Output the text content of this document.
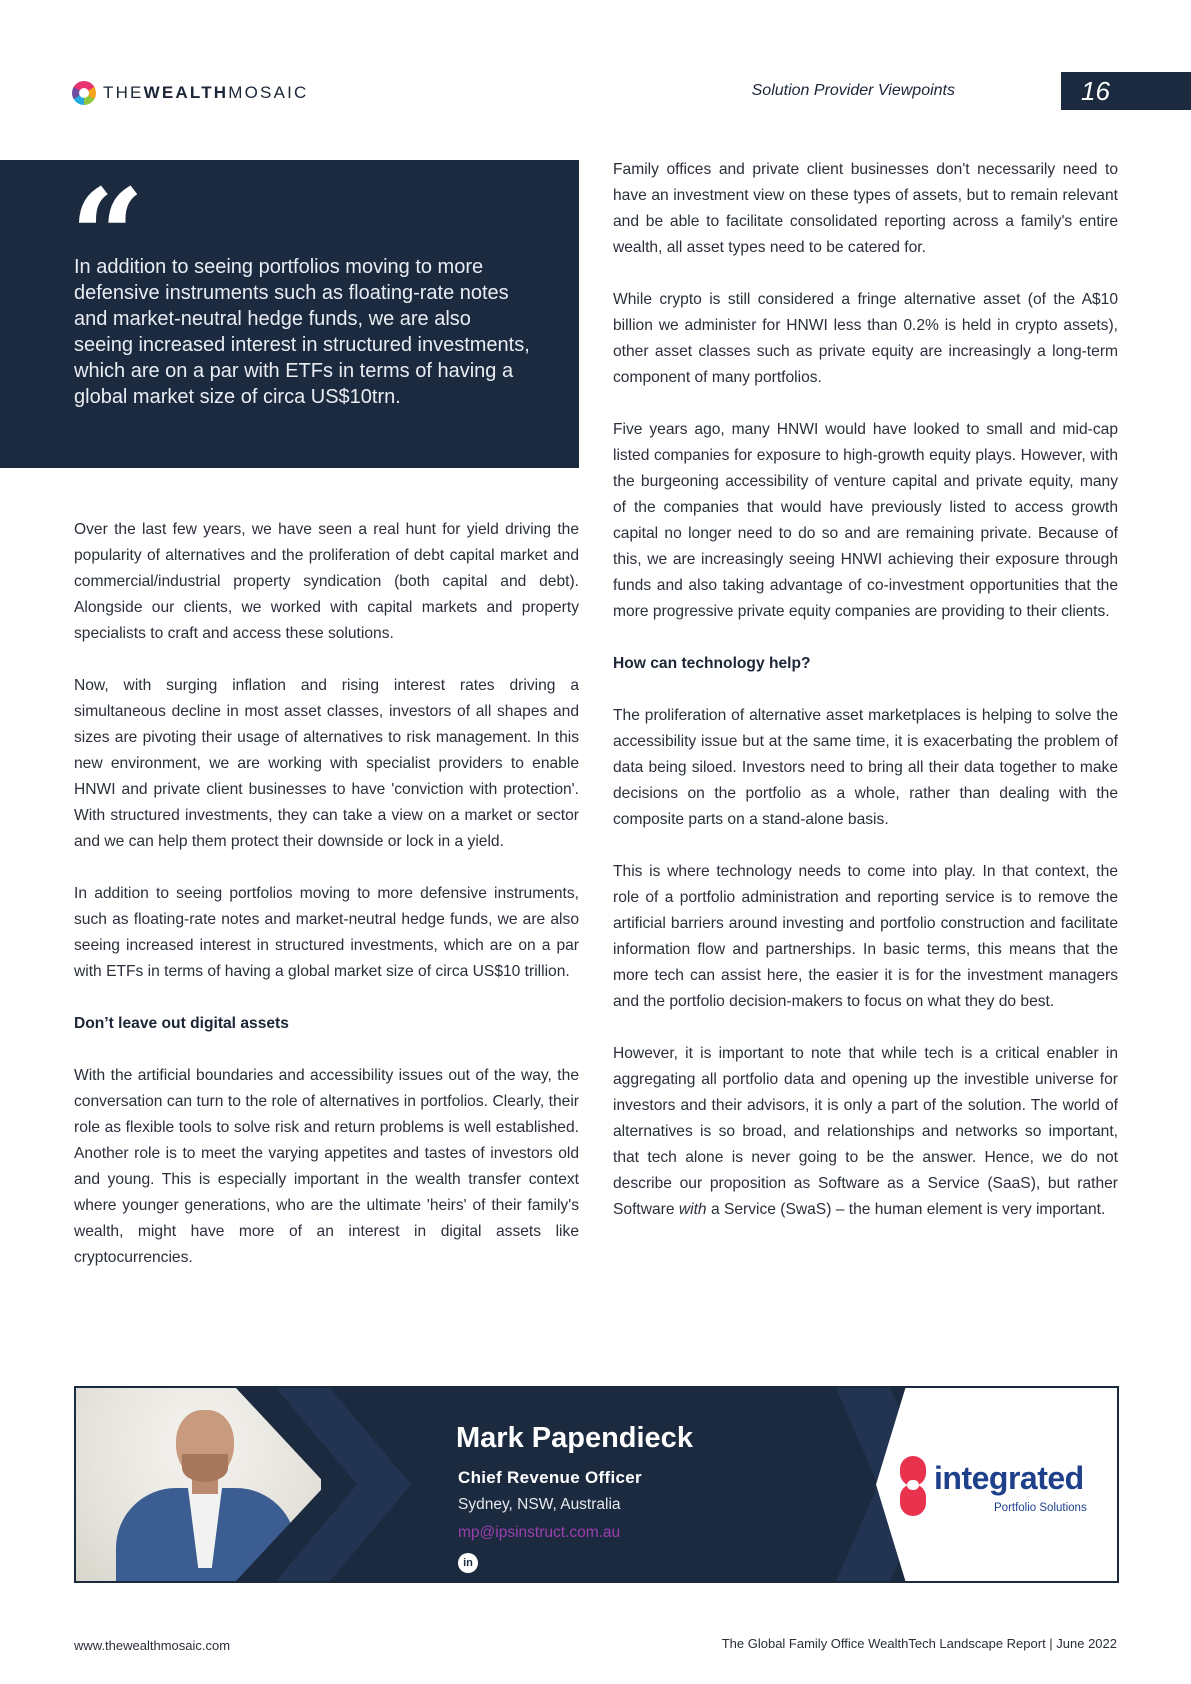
THEWEALTHMOSAIC	Solution Provider Viewpoints	16
“
In addition to seeing portfolios moving to more defensive instruments such as floating-rate notes and market-neutral hedge funds, we are also seeing increased interest in structured investments, which are on a par with ETFs in terms of having a global market size of circa US$10trn.

Over the last few years, we have seen a real hunt for yield driving the popularity of alternatives and the proliferation of debt capital market and commercial/industrial property syndication (both capital and debt). Alongside our clients, we worked with capital markets and property specialists to craft and access these solutions.

Now, with surging inflation and rising interest rates driving a simultaneous decline in most asset classes, investors of all shapes and sizes are pivoting their usage of alternatives to risk management. In this new environment, we are working with specialist providers to enable HNWI and private client businesses to have 'conviction with protection'. With structured investments, they can take a view on a market or sector and we can help them protect their downside or lock in a yield.

In addition to seeing portfolios moving to more defensive instruments, such as floating-rate notes and market-neutral hedge funds, we are also seeing increased interest in structured investments, which are on a par with ETFs in terms of having a global market size of circa US$10 trillion.

Don’t leave out digital assets

With the artificial boundaries and accessibility issues out of the way, the conversation can turn to the role of alternatives in portfolios. Clearly, their role as flexible tools to solve risk and return problems is well established. Another role is to meet the varying appetites and tastes of investors old and young. This is especially important in the wealth transfer context where younger generations, who are the ultimate 'heirs' of their family's wealth, might have more of an interest in digital assets like cryptocurrencies.

Family offices and private client businesses don't necessarily need to have an investment view on these types of assets, but to remain relevant and be able to facilitate consolidated reporting across a family's entire wealth, all asset types need to be catered for.

While crypto is still considered a fringe alternative asset (of the A$10 billion we administer for HNWI less than 0.2% is held in crypto assets), other asset classes such as private equity are increasingly a long-term component of many portfolios.

Five years ago, many HNWI would have looked to small and mid-cap listed companies for exposure to high-growth equity plays. However, with the burgeoning accessibility of venture capital and private equity, many of the companies that would have previously listed to access growth capital no longer need to do so and are remaining private. Because of this, we are increasingly seeing HNWI achieving their exposure through funds and also taking advantage of co-investment opportunities that the more progressive private equity companies are providing to their clients.

How can technology help?

The proliferation of alternative asset marketplaces is helping to solve the accessibility issue but at the same time, it is exacerbating the problem of data being siloed. Investors need to bring all their data together to make decisions on the portfolio as a whole, rather than dealing with the composite parts on a stand-alone basis.

This is where technology needs to come into play. In that context, the role of a portfolio administration and reporting service is to remove the artificial barriers around investing and portfolio construction and facilitate information flow and partnerships. In basic terms, this means that the more tech can assist here, the easier it is for the investment managers and the portfolio decision-makers to focus on what they do best.

However, it is important to note that while tech is a critical enabler in aggregating all portfolio data and opening up the investible universe for investors and their advisors, it is only a part of the solution. The world of alternatives is so broad, and relationships and networks so important, that tech alone is never going to be the answer. Hence, we do not describe our proposition as Software as a Service (SaaS), but rather Software with a Service (SwaS) – the human element is very important.

Mark Papendieck
Chief Revenue Officer
Sydney, NSW, Australia
mp@ipsinstruct.com.au
in
integrated
Portfolio Solutions
www.thewealthmosaic.com	The Global Family Office WealthTech Landscape Report | June 2022
